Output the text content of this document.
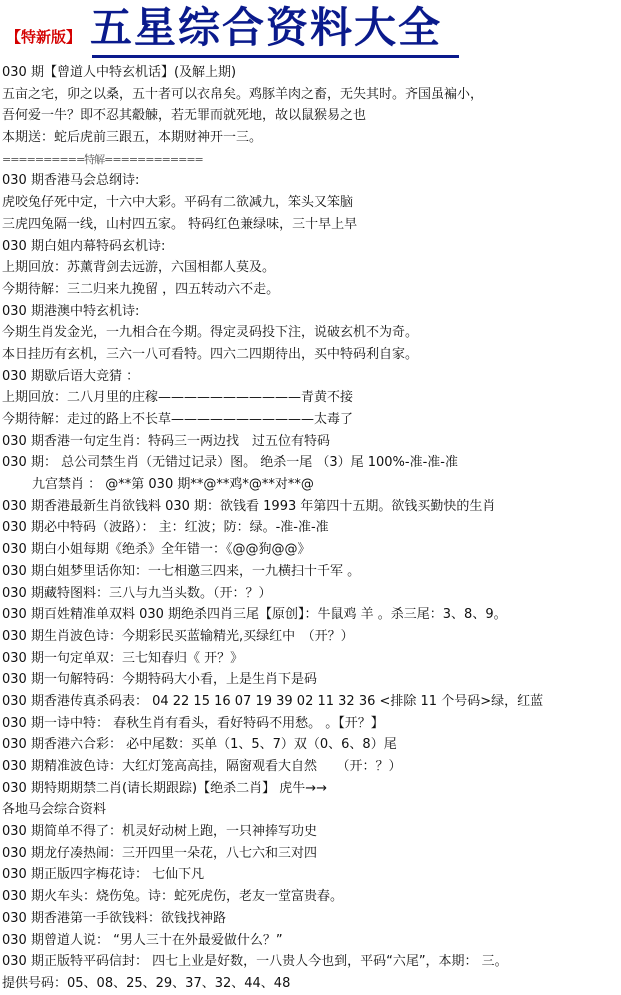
【特新版】 五星综合资料大全
030 期【曾道人中特玄机话】(及解上期)
五亩之宅，卯之以桑，五十者可以衣帛矣。鸡豚羊肉之畜，无失其时。齐国虽褊小，
吾何爱一牛？即不忍其觳觫，若无罪而就死地，故以鼠猴易之也
本期送：蛇后虎前三跟五，本期财神开一三。
==========特解============
030 期香港马会总纲诗:
虎咬兔仔死中定，十六中大彩。平码有二欲减九，笨头又笨脑
三虎四兔隔一线，山村四五家。 特码红色兼绿味，三十早上早
030 期白姐内幕特码玄机诗:
上期回放：苏薰背剑去远游，六国相都人莫及。
今期待解：三二归来九挽留 ，四五转动六不走。
030 期港澳中特玄机诗:
今期生肖发金光，一九相合在今期。得定灵码投下注，说破玄机不为奇。
本日挂历有玄机，三六一八可看特。四六二四期待出，买中特码利自家。
030 期歇后语大竞猜 ：
上期回放：二八月里的庄稼———————————青黄不接
今期待解：走过的路上不长草———————————太毒了
030 期香港一句定生肖：特码三一两边找　过五位有特码
030 期： 总公司禁生肖（无错过记录）图。 绝杀一尾 （3）尾 100%-准-准-准
九宫禁肖 ： @**第 030 期**@**鸡*@**对**@
030 期香港最新生肖欲钱料 030 期：欲钱看 1993 年第四十五期。欲钱买勤快的生肖
030 期必中特码（波路）： 主：红波；防：绿。-准-准-准
030 期白小姐每期《绝杀》全年错一：《@@狗@@》
030 期白姐梦里话你知：一七相邀三四来，一九横扫十千军 。
030 期藏特图料：三八与九当头数。（开：？）
030 期百姓精准单双料 030 期绝杀四肖三尾【原创】：牛鼠鸡 羊 。杀三尾：3、8、9。
030 期生肖波色诗：今期彩民买蓝输精光,买绿红中　（开？）
030 期一句定单双：三七知春归《 开？》
030 期一句解特码：今期特码大小看，上是生肖下是码
030 期香港传真杀码表： 04 22 15 16 07 19 39 02 11 32 36 <排除 11 个号码>绿，红蓝
030 期一诗中特： 春秋生肖有看头，看好特码不用愁。 。【开？】
030 期香港六合彩： 必中尾数：买单（1、5、7）双（0、6、8）尾
030 期精准波色诗：大红灯笼高高挂，隔窗观看大自然　　（开：？）
030 期特期期禁二肖(请长期跟踪)【绝杀二肖】 虎牛→→
各地马会综合资料
030 期简单不得了：机灵好动树上跑，一只神捧写功史
030 期龙仔凑热闹：三开四里一朵花，八七六和三对四
030 期正版四字梅花诗： 七仙下凡
030 期火车头：烧伤兔。诗：蛇死虎伤，老友一堂富贵春。
030 期香港第一手欲钱料：欲钱找神路
030 期曾道人说： “男人三十在外最爱做什么？”
030 期正版特平码信封： 四七上业是好数，一八贵人今也到，平码“六尾”，本期： 三。
提供号码：05、08、25、29、37、32、44、48
